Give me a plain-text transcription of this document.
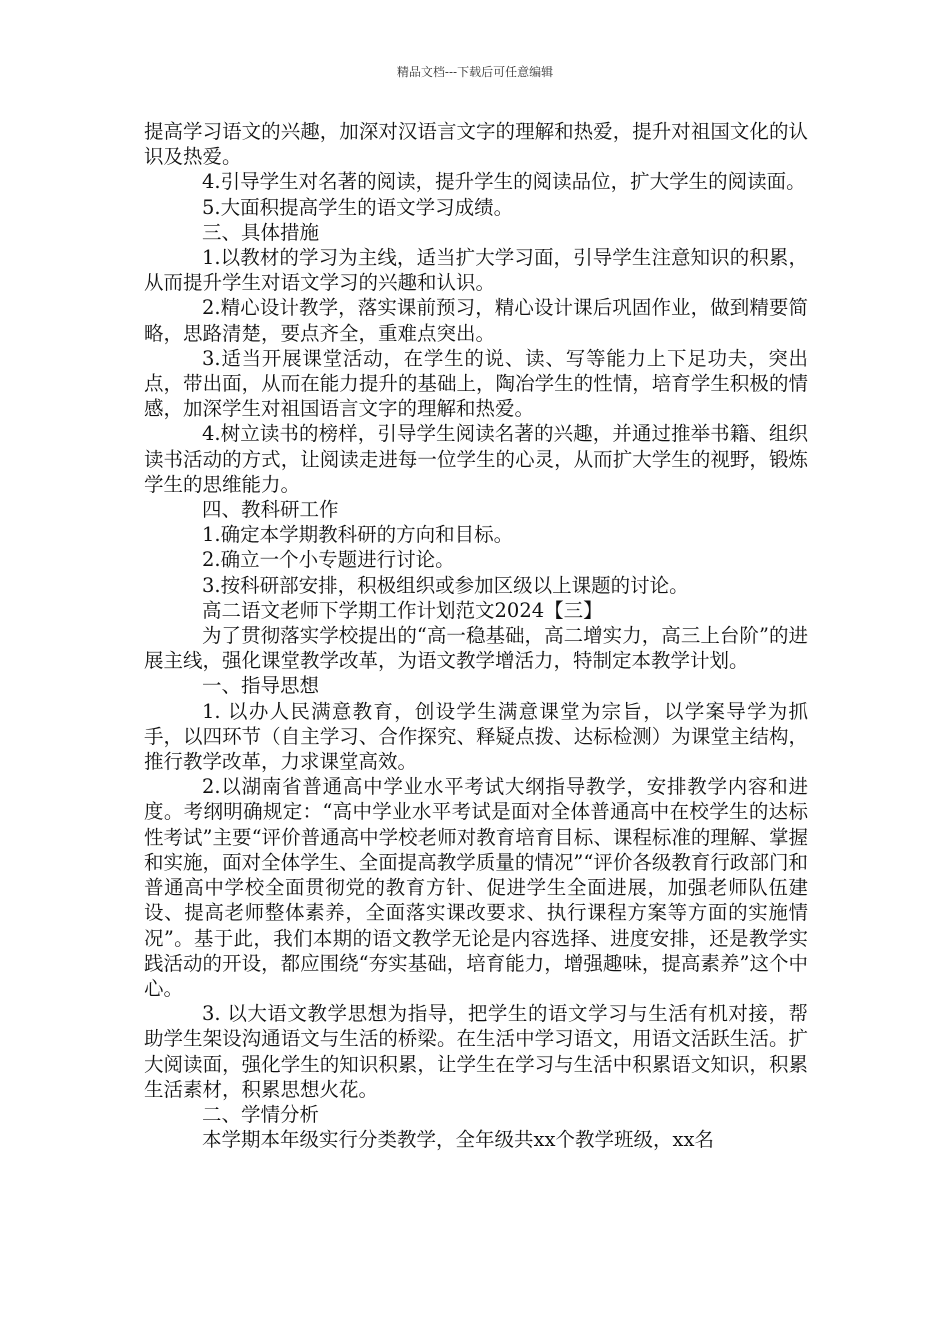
精品文档---下载后可任意编辑

提高学习语文的兴趣，加深对汉语言文字的理解和热爱，提升对祖国文化的认识及热爱。

4.引导学生对名著的阅读，提升学生的阅读品位，扩大学生的阅读面。

5.大面积提高学生的语文学习成绩。

三、具体措施

1.以教材的学习为主线，适当扩大学习面，引导学生注意知识的积累，从而提升学生对语文学习的兴趣和认识。

2.精心设计教学，落实课前预习，精心设计课后巩固作业，做到精要简略，思路清楚，要点齐全，重难点突出。

3.适当开展课堂活动，在学生的说、读、写等能力上下足功夫，突出点，带出面，从而在能力提升的基础上，陶冶学生的性情，培育学生积极的情感，加深学生对祖国语言文字的理解和热爱。

4.树立读书的榜样，引导学生阅读名著的兴趣，并通过推举书籍、组织读书活动的方式，让阅读走进每一位学生的心灵，从而扩大学生的视野，锻炼学生的思维能力。

四、教科研工作

1.确定本学期教科研的方向和目标。

2.确立一个小专题进行讨论。

3.按科研部安排，积极组织或参加区级以上课题的讨论。

高二语文老师下学期工作计划范文2024【三】

为了贯彻落实学校提出的“高一稳基础，高二增实力，高三上台阶”的进展主线，强化课堂教学改革，为语文教学增活力，特制定本教学计划。

一、指导思想

1. 以办人民满意教育，创设学生满意课堂为宗旨，以学案导学为抓手，以四环节（自主学习、合作探究、释疑点拨、达标检测）为课堂主结构，推行教学改革，力求课堂高效。

2.以湖南省普通高中学业水平考试大纲指导教学，安排教学内容和进度。考纲明确规定：“高中学业水平考试是面对全体普通高中在校学生的达标性考试”主要“评价普通高中学校老师对教育培育目标、课程标准的理解、掌握和实施，面对全体学生、全面提高教学质量的情况”“评价各级教育行政部门和普通高中学校全面贯彻党的教育方针、促进学生全面进展，加强老师队伍建设、提高老师整体素养，全面落实课改要求、执行课程方案等方面的实施情况”。基于此，我们本期的语文教学无论是内容选择、进度安排，还是教学实践活动的开设，都应围绕“夯实基础，培育能力，增强趣味，提高素养”这个中心。

3. 以大语文教学思想为指导，把学生的语文学习与生活有机对接，帮助学生架设沟通语文与生活的桥梁。在生活中学习语文，用语文活跃生活。扩大阅读面，强化学生的知识积累，让学生在学习与生活中积累语文知识，积累生活素材，积累思想火花。

二、学情分析

本学期本年级实行分类教学，全年级共xx个教学班级，xx名
